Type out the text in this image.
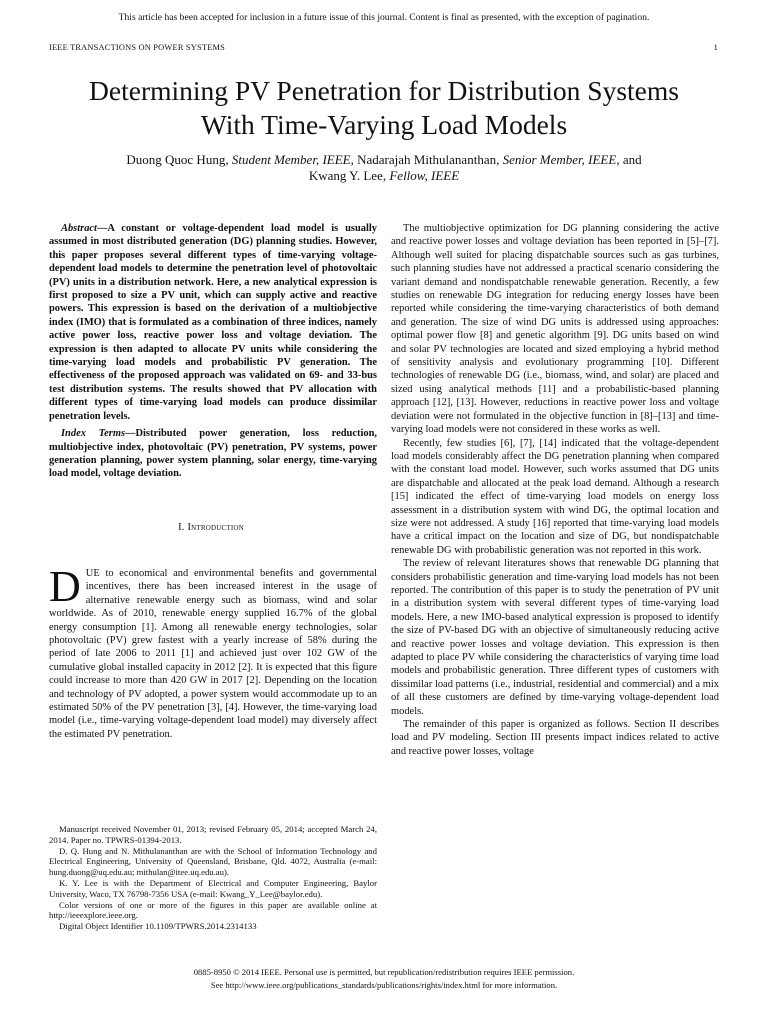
This article has been accepted for inclusion in a future issue of this journal. Content is final as presented, with the exception of pagination.
IEEE TRANSACTIONS ON POWER SYSTEMS	1
Determining PV Penetration for Distribution Systems
With Time-Varying Load Models
Duong Quoc Hung, Student Member, IEEE, Nadarajah Mithulananthan, Senior Member, IEEE, and
Kwang Y. Lee, Fellow, IEEE

Abstract—A constant or voltage-dependent load model is usually assumed in most distributed generation (DG) planning studies. However, this paper proposes several different types of time-varying voltage-dependent load models to determine the penetration level of photovoltaic (PV) units in a distribution network. Here, a new analytical expression is first proposed to size a PV unit, which can supply active and reactive powers. This expression is based on the derivation of a multiobjective index (IMO) that is formulated as a combination of three indices, namely active power loss, reactive power loss and voltage deviation. The expression is then adapted to allocate PV units while considering the time-varying load models and probabilistic PV generation. The effectiveness of the proposed approach was validated on 69- and 33-bus test distribution systems. The results showed that PV allocation with different types of time-varying load models can produce dissimilar penetration levels.

Index Terms—Distributed power generation, loss reduction, multiobjective index, photovoltaic (PV) penetration, PV systems, power generation planning, power system planning, solar energy, time-varying load model, voltage deviation.

I. Introduction

DUE to economical and environmental benefits and governmental incentives, there has been increased interest in the usage of alternative renewable energy such as biomass, wind and solar worldwide. As of 2010, renewable energy supplied 16.7% of the global energy consumption [1]. Among all renewable energy technologies, solar photovoltaic (PV) grew fastest with a yearly increase of 58% during the period of late 2006 to 2011 [1] and achieved just over 102 GW of the cumulative global installed capacity in 2012 [2]. It is expected that this figure could increase to more than 420 GW in 2017 [2]. Depending on the location and technology of PV adopted, a power system would accommodate up to an estimated 50% of the PV penetration [3], [4]. However, the time-varying load model (i.e., time-varying voltage-dependent load model) may diversely affect the estimated PV penetration.

Manuscript received November 01, 2013; revised February 05, 2014; accepted March 24, 2014. Paper no. TPWRS-01394-2013.

D. Q. Hung and N. Mithulananthan are with the School of Information Technology and Electrical Engineering, University of Queensland, Brisbane, Qld. 4072, Australia (e-mail: hung.duong@uq.edu.au; mithulan@itee.uq.edu.au).

K. Y. Lee is with the Department of Electrical and Computer Engineering, Baylor University, Waco, TX 76798-7356 USA (e-mail: Kwang_Y_Lee@baylor.edu).

Color versions of one or more of the figures in this paper are available online at http://ieeexplore.ieee.org.

Digital Object Identifier 10.1109/TPWRS.2014.2314133

The multiobjective optimization for DG planning considering the active and reactive power losses and voltage deviation has been reported in [5]–[7]. Although well suited for placing dispatchable sources such as gas turbines, such planning studies have not addressed a practical scenario considering the variant demand and nondispatchable renewable generation. Recently, a few studies on renewable DG integration for reducing energy losses have been reported while considering the time-varying characteristics of both demand and generation. The size of wind DG units is addressed using approaches: optimal power flow [8] and genetic algorithm [9]. DG units based on wind and solar PV technologies are located and sized employing a hybrid method of sensitivity analysis and evolutionary programming [10]. Different technologies of renewable DG (i.e., biomass, wind, and solar) are placed and sized using analytical methods [11] and a probabilistic-based planning approach [12], [13]. However, reductions in reactive power loss and voltage deviation were not formulated in the objective function in [8]–[13] and time-varying load models were not considered in these works as well.

Recently, few studies [6], [7], [14] indicated that the voltage-dependent load models considerably affect the DG penetration planning when compared with the constant load model. However, such works assumed that DG units are dispatchable and allocated at the peak load demand. Although a research [15] indicated the effect of time-varying load models on energy loss assessment in a distribution system with wind DG, the optimal location and size were not addressed. A study [16] reported that time-varying load models have a critical impact on the location and size of DG, but nondispatchable renewable DG with probabilistic generation was not reported in this work.

The review of relevant literatures shows that renewable DG planning that considers probabilistic generation and time-varying load models has not been reported. The contribution of this paper is to study the penetration of PV unit in a distribution system with several different types of time-varying load models. Here, a new IMO-based analytical expression is proposed to identify the size of PV-based DG with an objective of simultaneously reducing active and reactive power losses and voltage deviation. This expression is then adapted to place PV while considering the characteristics of varying time load models and probabilistic generation. Three different types of customers with dissimilar load patterns (i.e., industrial, residential and commercial) and a mix of all these customers are defined by time-varying voltage-dependent load models.

The remainder of this paper is organized as follows. Section II describes load and PV modeling. Section III presents impact indices related to active and reactive power losses, voltage

0885-8950 © 2014 IEEE. Personal use is permitted, but republication/redistribution requires IEEE permission.
See http://www.ieee.org/publications_standards/publications/rights/index.html for more information.
